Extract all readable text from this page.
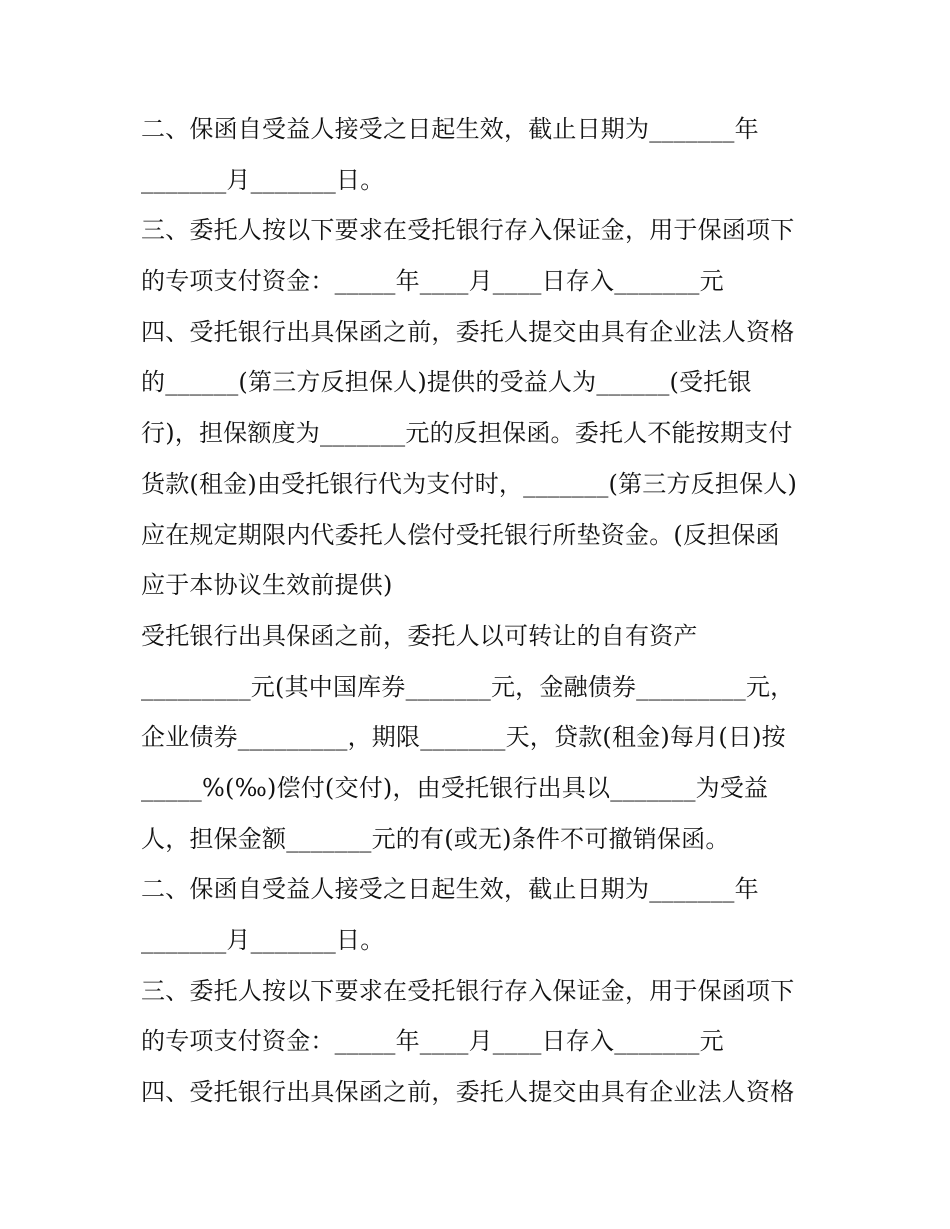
二、保函自受益人接受之日起生效，截止日期为_______年
_______月_______日。
三、委托人按以下要求在受托银行存入保证金，用于保函项下
的专项支付资金：_____年____月____日存入_______元
四、受托银行出具保函之前，委托人提交由具有企业法人资格
的______(第三方反担保人)提供的受益人为______(受托银
行)，担保额度为_______元的反担保函。委托人不能按期支付
货款(租金)由受托银行代为支付时，_______(第三方反担保人)
应在规定期限内代委托人偿付受托银行所垫资金。(反担保函
应于本协议生效前提供)
受托银行出具保函之前，委托人以可转让的自有资产
_________元(其中国库券_______元，金融债券_________元，
企业债券_________，期限_______天，贷款(租金)每月(日)按
_____%(‰)偿付(交付)，由受托银行出具以_______为受益
人，担保金额_______元的有(或无)条件不可撤销保函。
二、保函自受益人接受之日起生效，截止日期为_______年
_______月_______日。
三、委托人按以下要求在受托银行存入保证金，用于保函项下
的专项支付资金：_____年____月____日存入_______元
四、受托银行出具保函之前，委托人提交由具有企业法人资格
